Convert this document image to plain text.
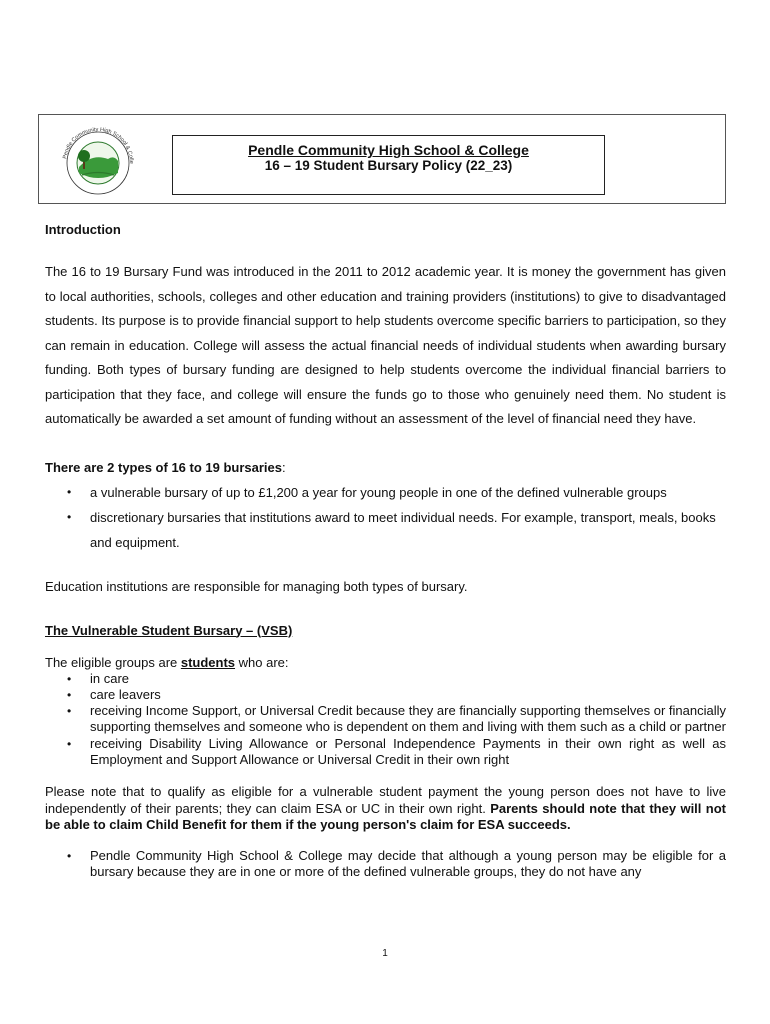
Pendle Community High School & Colle
Pendle Community High School & College
16 – 19 Student Bursary Policy (22_23)
Introduction

The 16 to 19 Bursary Fund was introduced in the 2011 to 2012 academic year. It is money the government has given to local authorities, schools, colleges and other education and training providers (institutions) to give to disadvantaged students. Its purpose is to provide financial support to help students overcome specific barriers to participation, so they can remain in education. College will assess the actual financial needs of individual students when awarding bursary funding. Both types of bursary funding are designed to help students overcome the individual financial barriers to participation that they face, and college will ensure the funds go to those who genuinely need them. No student is automatically be awarded a set amount of funding without an assessment of the level of financial need they have.

There are 2 types of 16 to 19 bursaries:

• a vulnerable bursary of up to £1,200 a year for young people in one of the defined vulnerable groups
• discretionary bursaries that institutions award to meet individual needs. For example, transport, meals, books and equipment.

Education institutions are responsible for managing both types of bursary.

The Vulnerable Student Bursary – (VSB)

The eligible groups are students who are:

• in care
• care leavers
• receiving Income Support, or Universal Credit because they are financially supporting themselves or financially supporting themselves and someone who is dependent on them and living with them such as a child or partner
• receiving Disability Living Allowance or Personal Independence Payments in their own right as well as Employment and Support Allowance or Universal Credit in their own right

Please note that to qualify as eligible for a vulnerable student payment the young person does not have to live independently of their parents; they can claim ESA or UC in their own right. Parents should note that they will not be able to claim Child Benefit for them if the young person's claim for ESA succeeds.

• Pendle Community High School & College may decide that although a young person may be eligible for a bursary because they are in one or more of the defined vulnerable groups, they do not have any
1
